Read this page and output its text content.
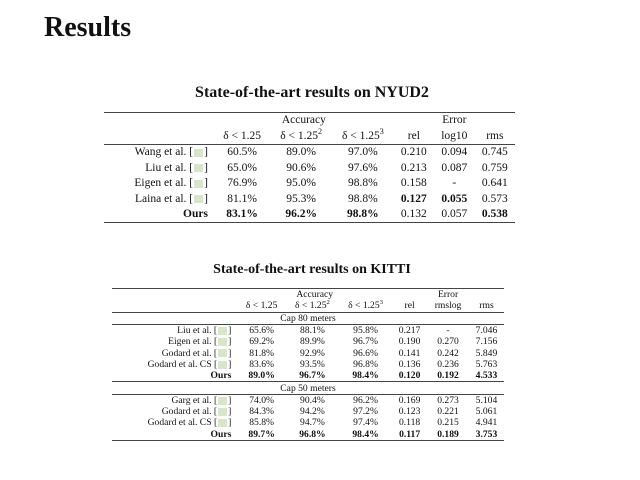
Results
State-of-the-art results on NYUD2
	Accuracy			Error		
	δ < 1.25	$\delta < 1.25^2$	$\delta < 1.25^3$	rel	log10	rms
Wang et al. [ ]	60.5%	89.0%	97.0%	0.210	0.094	0.745
Liu et al. [ ]	65.0%	90.6%	97.6%	0.213	0.087	0.759
Eigen et al. [ ]	76.9%	95.0%	98.8%	0.158	-	0.641
Laina et al. [ ]	81.1%	95.3%	98.8%	0.127	0.055	0.573
Ours	83.1%	96.2%	98.8%	0.132	0.057	0.538
State-of-the-art results on KITTI
	Accuracy			Error		
	δ < 1.25	$\delta < 1.25^2$	$\delta < 1.25^3$	rel	rmslog	rms
Cap 80 meters						
Liu et al. [ ]	65.6%	88.1%	95.8%	0.217	-	7.046
Eigen et al. [ ]	69.2%	89.9%	96.7%	0.190	0.270	7.156
Godard et al. [ ]	81.8%	92.9%	96.6%	0.141	0.242	5.849
Godard et al. CS [ ]	83.6%	93.5%	96.8%	0.136	0.236	5.763
Ours	89.0%	96.7%	98.4%	0.120	0.192	4.533
Cap 50 meters						
Garg et al. [ ]	74.0%	90.4%	96.2%	0.169	0.273	5.104
Godard et al. [ ]	84.3%	94.2%	97.2%	0.123	0.221	5.061
Godard et al. CS [ ]	85.8%	94.7%	97.4%	0.118	0.215	4.941
Ours	89.7%	96.8%	98.4%	0.117	0.189	3.753
